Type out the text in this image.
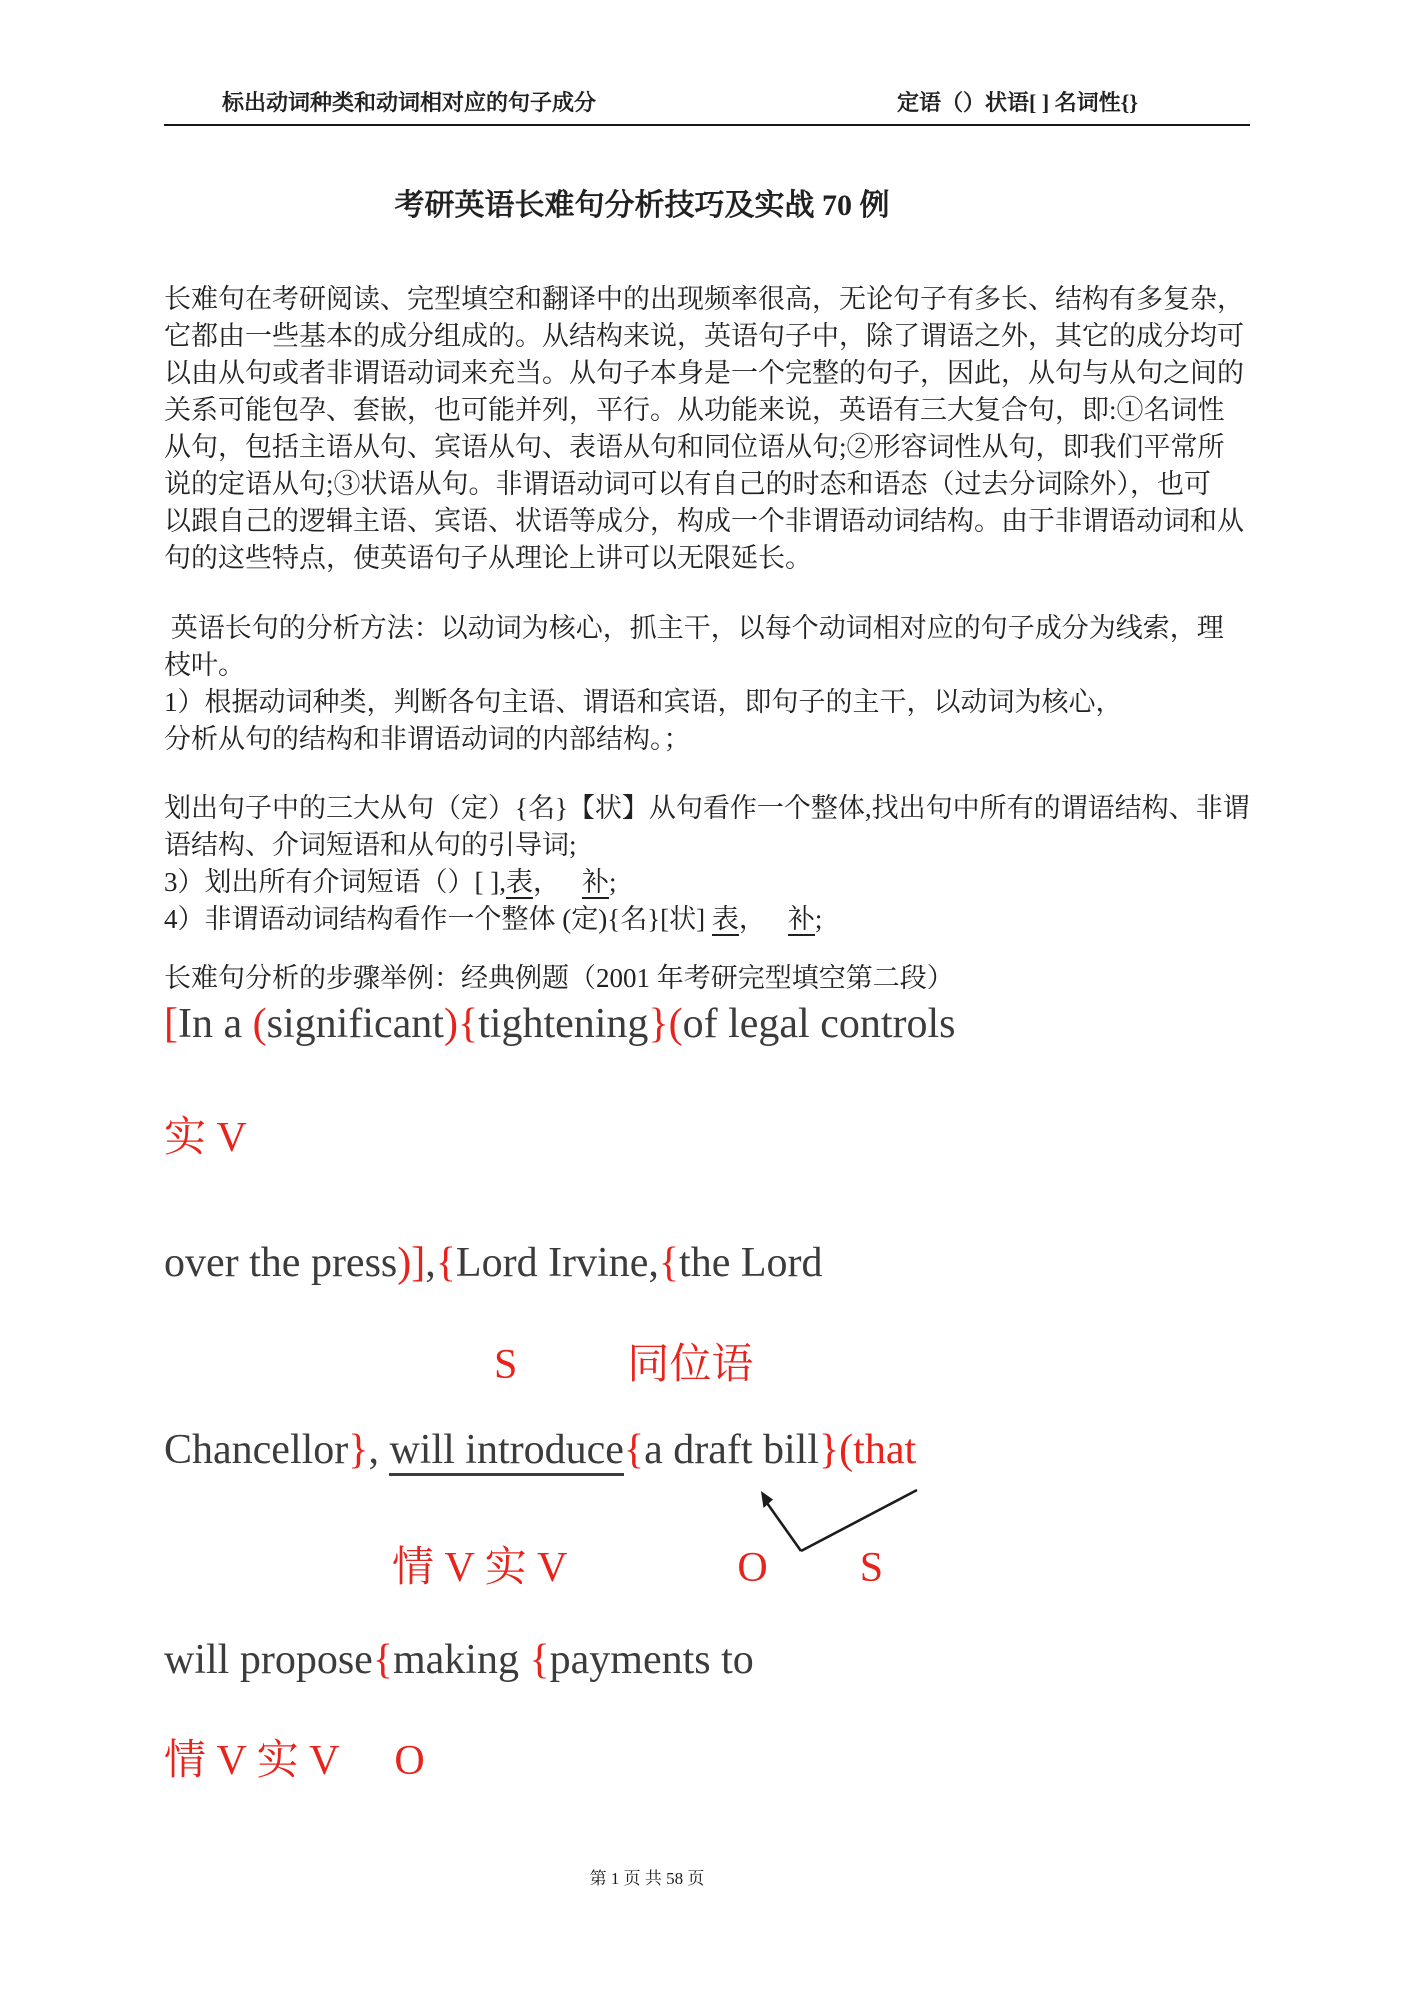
标出动词种类和动词相对应的句子成分	定语（）状语[ ] 名词性{}
考研英语长难句分析技巧及实战 70 例
长难句在考研阅读、完型填空和翻译中的出现频率很高，无论句子有多长、结构有多复杂，
它都由一些基本的成分组成的。从结构来说，英语句子中，除了谓语之外，其它的成分均可
以由从句或者非谓语动词来充当。从句子本身是一个完整的句子，因此，从句与从句之间的
关系可能包孕、套嵌，也可能并列，平行。从功能来说，英语有三大复合句，即:①名词性
从句，包括主语从句、宾语从句、表语从句和同位语从句;②形容词性从句，即我们平常所
说的定语从句;③状语从句。非谓语动词可以有自己的时态和语态（过去分词除外），也可
以跟自己的逻辑主语、宾语、状语等成分，构成一个非谓语动词结构。由于非谓语动词和从
句的这些特点，使英语句子从理论上讲可以无限延长。
英语长句的分析方法：以动词为核心，抓主干，以每个动词相对应的句子成分为线索，理
枝叶。
1）根据动词种类，判断各句主语、谓语和宾语，即句子的主干，以动词为核心，
分析从句的结构和非谓语动词的内部结构。；
划出句子中的三大从句（定）{名}【状】从句看作一个整体,找出句中所有的谓语结构、非谓
语结构、介词短语和从句的引导词;
3）划出所有介词短语（）[ ],表， 补;
4）非谓语动词结构看作一个整体 (定){名}[状] 表， 补;
长难句分析的步骤举例：经典例题（2001 年考研完型填空第二段）
[In a (significant){tightening}(of legal controls
实 V
over the press)],{Lord Irvine,{the Lord
S	同位语
Chancellor}, will introduce{a draft bill}(that
情 V 实 V	O S
will propose{making {payments to
情 V 实 V O
第 1 页 共 58 页
